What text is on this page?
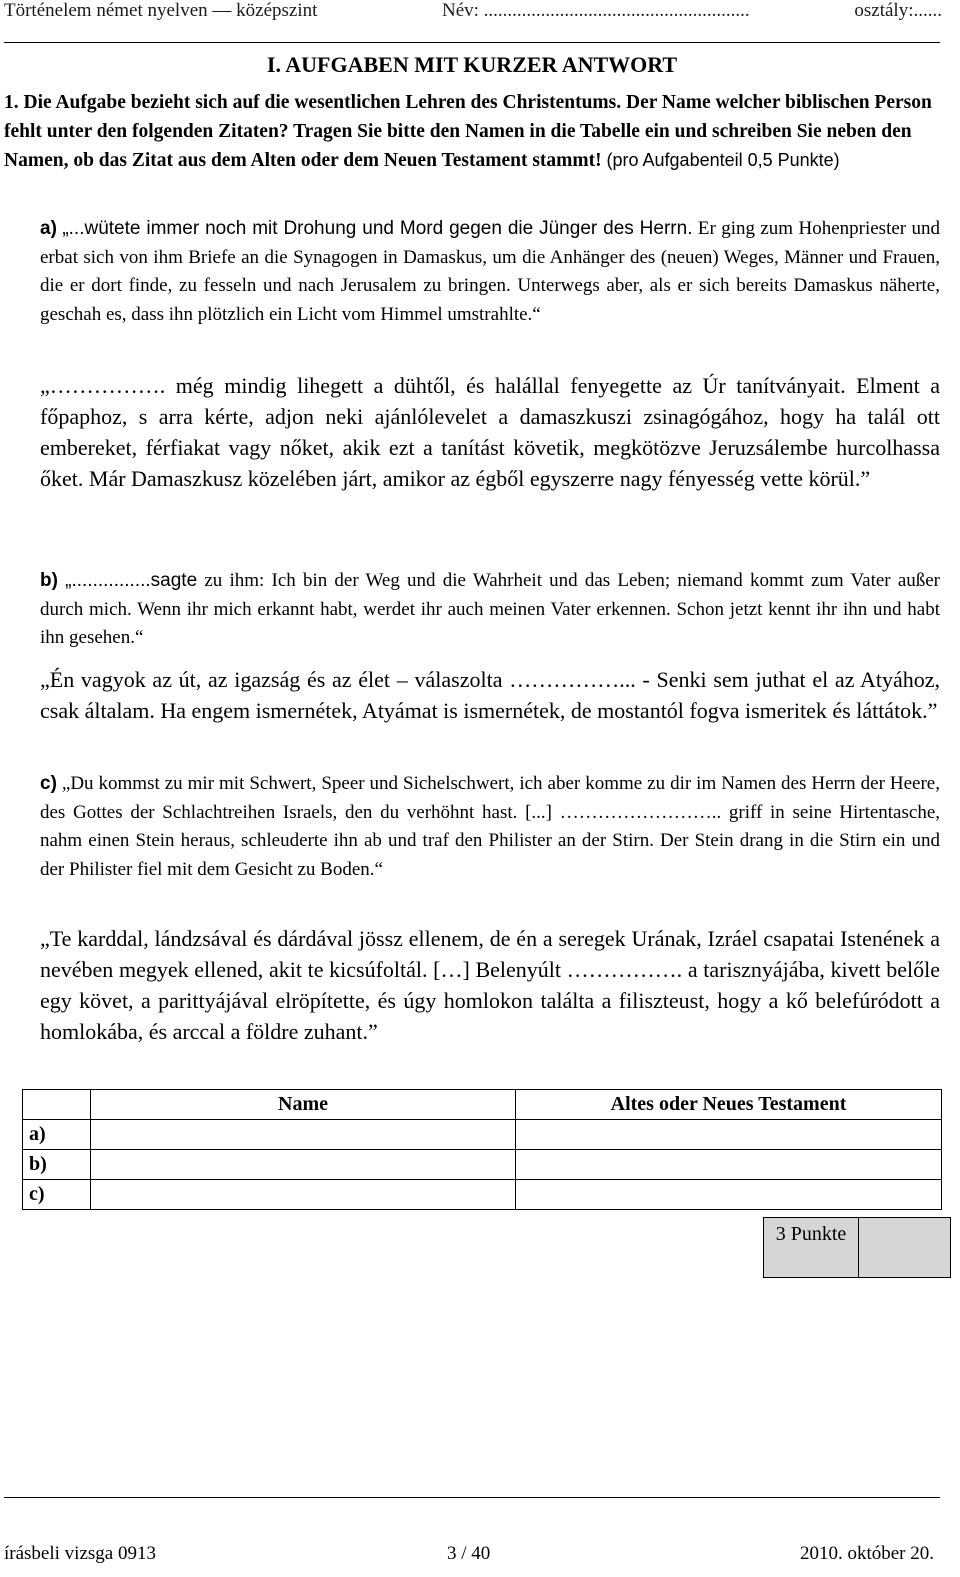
Történelem német nyelven — középszint	Név: ........................................................	osztály:......
I. AUFGABEN MIT KURZER ANTWORT
1. Die Aufgabe bezieht sich auf die wesentlichen Lehren des Christentums. Der Name welcher biblischen Person fehlt unter den folgenden Zitaten? Tragen Sie bitte den Namen in die Tabelle ein und schreiben Sie neben den Namen, ob das Zitat aus dem Alten oder dem Neuen Testament stammt! (pro Aufgabenteil 0,5 Punkte)
a) „...wütete immer noch mit Drohung und Mord gegen die Jünger des Herrn. Er ging zum Hohenpriester und erbat sich von ihm Briefe an die Synagogen in Damaskus, um die Anhänger des (neuen) Weges, Männer und Frauen, die er dort finde, zu fesseln und nach Jerusalem zu bringen. Unterwegs aber, als er sich bereits Damaskus näherte, geschah es, dass ihn plötzlich ein Licht vom Himmel umstrahlte.“
„……………. még mindig lihegett a dühtől, és halállal fenyegette az Úr tanítványait. Elment a főpaphoz, s arra kérte, adjon neki ajánlólevelet a damaszkuszi zsinagógához, hogy ha talál ott embereket, férfiakat vagy nőket, akik ezt a tanítást követik, megkötözve Jeruzsálembe hurcolhassa őket. Már Damaszkusz közelében járt, amikor az égből egyszerre nagy fényesség vette körül.”
b) „...............sagte zu ihm: Ich bin der Weg und die Wahrheit und das Leben; niemand kommt zum Vater außer durch mich. Wenn ihr mich erkannt habt, werdet ihr auch meinen Vater erkennen. Schon jetzt kennt ihr ihn und habt ihn gesehen.“
„Én vagyok az út, az igazság és az élet – válaszolta ……………... - Senki sem juthat el az Atyához, csak általam. Ha engem ismernétek, Atyámat is ismernétek, de mostantól fogva ismeritek és láttátok.”
c) „Du kommst zu mir mit Schwert, Speer und Sichelschwert, ich aber komme zu dir im Namen des Herrn der Heere, des Gottes der Schlachtreihen Israels, den du verhöhnt hast. [...] …………………….. griff in seine Hirtentasche, nahm einen Stein heraus, schleuderte ihn ab und traf den Philister an der Stirn. Der Stein drang in die Stirn ein und der Philister fiel mit dem Gesicht zu Boden.“
„Te karddal, lándzsával és dárdával jössz ellenem, de én a seregek Urának, Izráel csapatai Istenének a nevében megyek ellened, akit te kicsúfoltál. […] Belenyúlt ……………. a tarisznyájába, kivett belőle egy követ, a parittyájával elröpítette, és úgy homlokon találta a filiszteust, hogy a kő belefúródott a homlokába, és arccal a földre zuhant.”
	Name	Altes oder Neues Testament
a)		
b)		
c)		
3 Punkte
írásbeli vizsga 0913	3 / 40	2010. október 20.
